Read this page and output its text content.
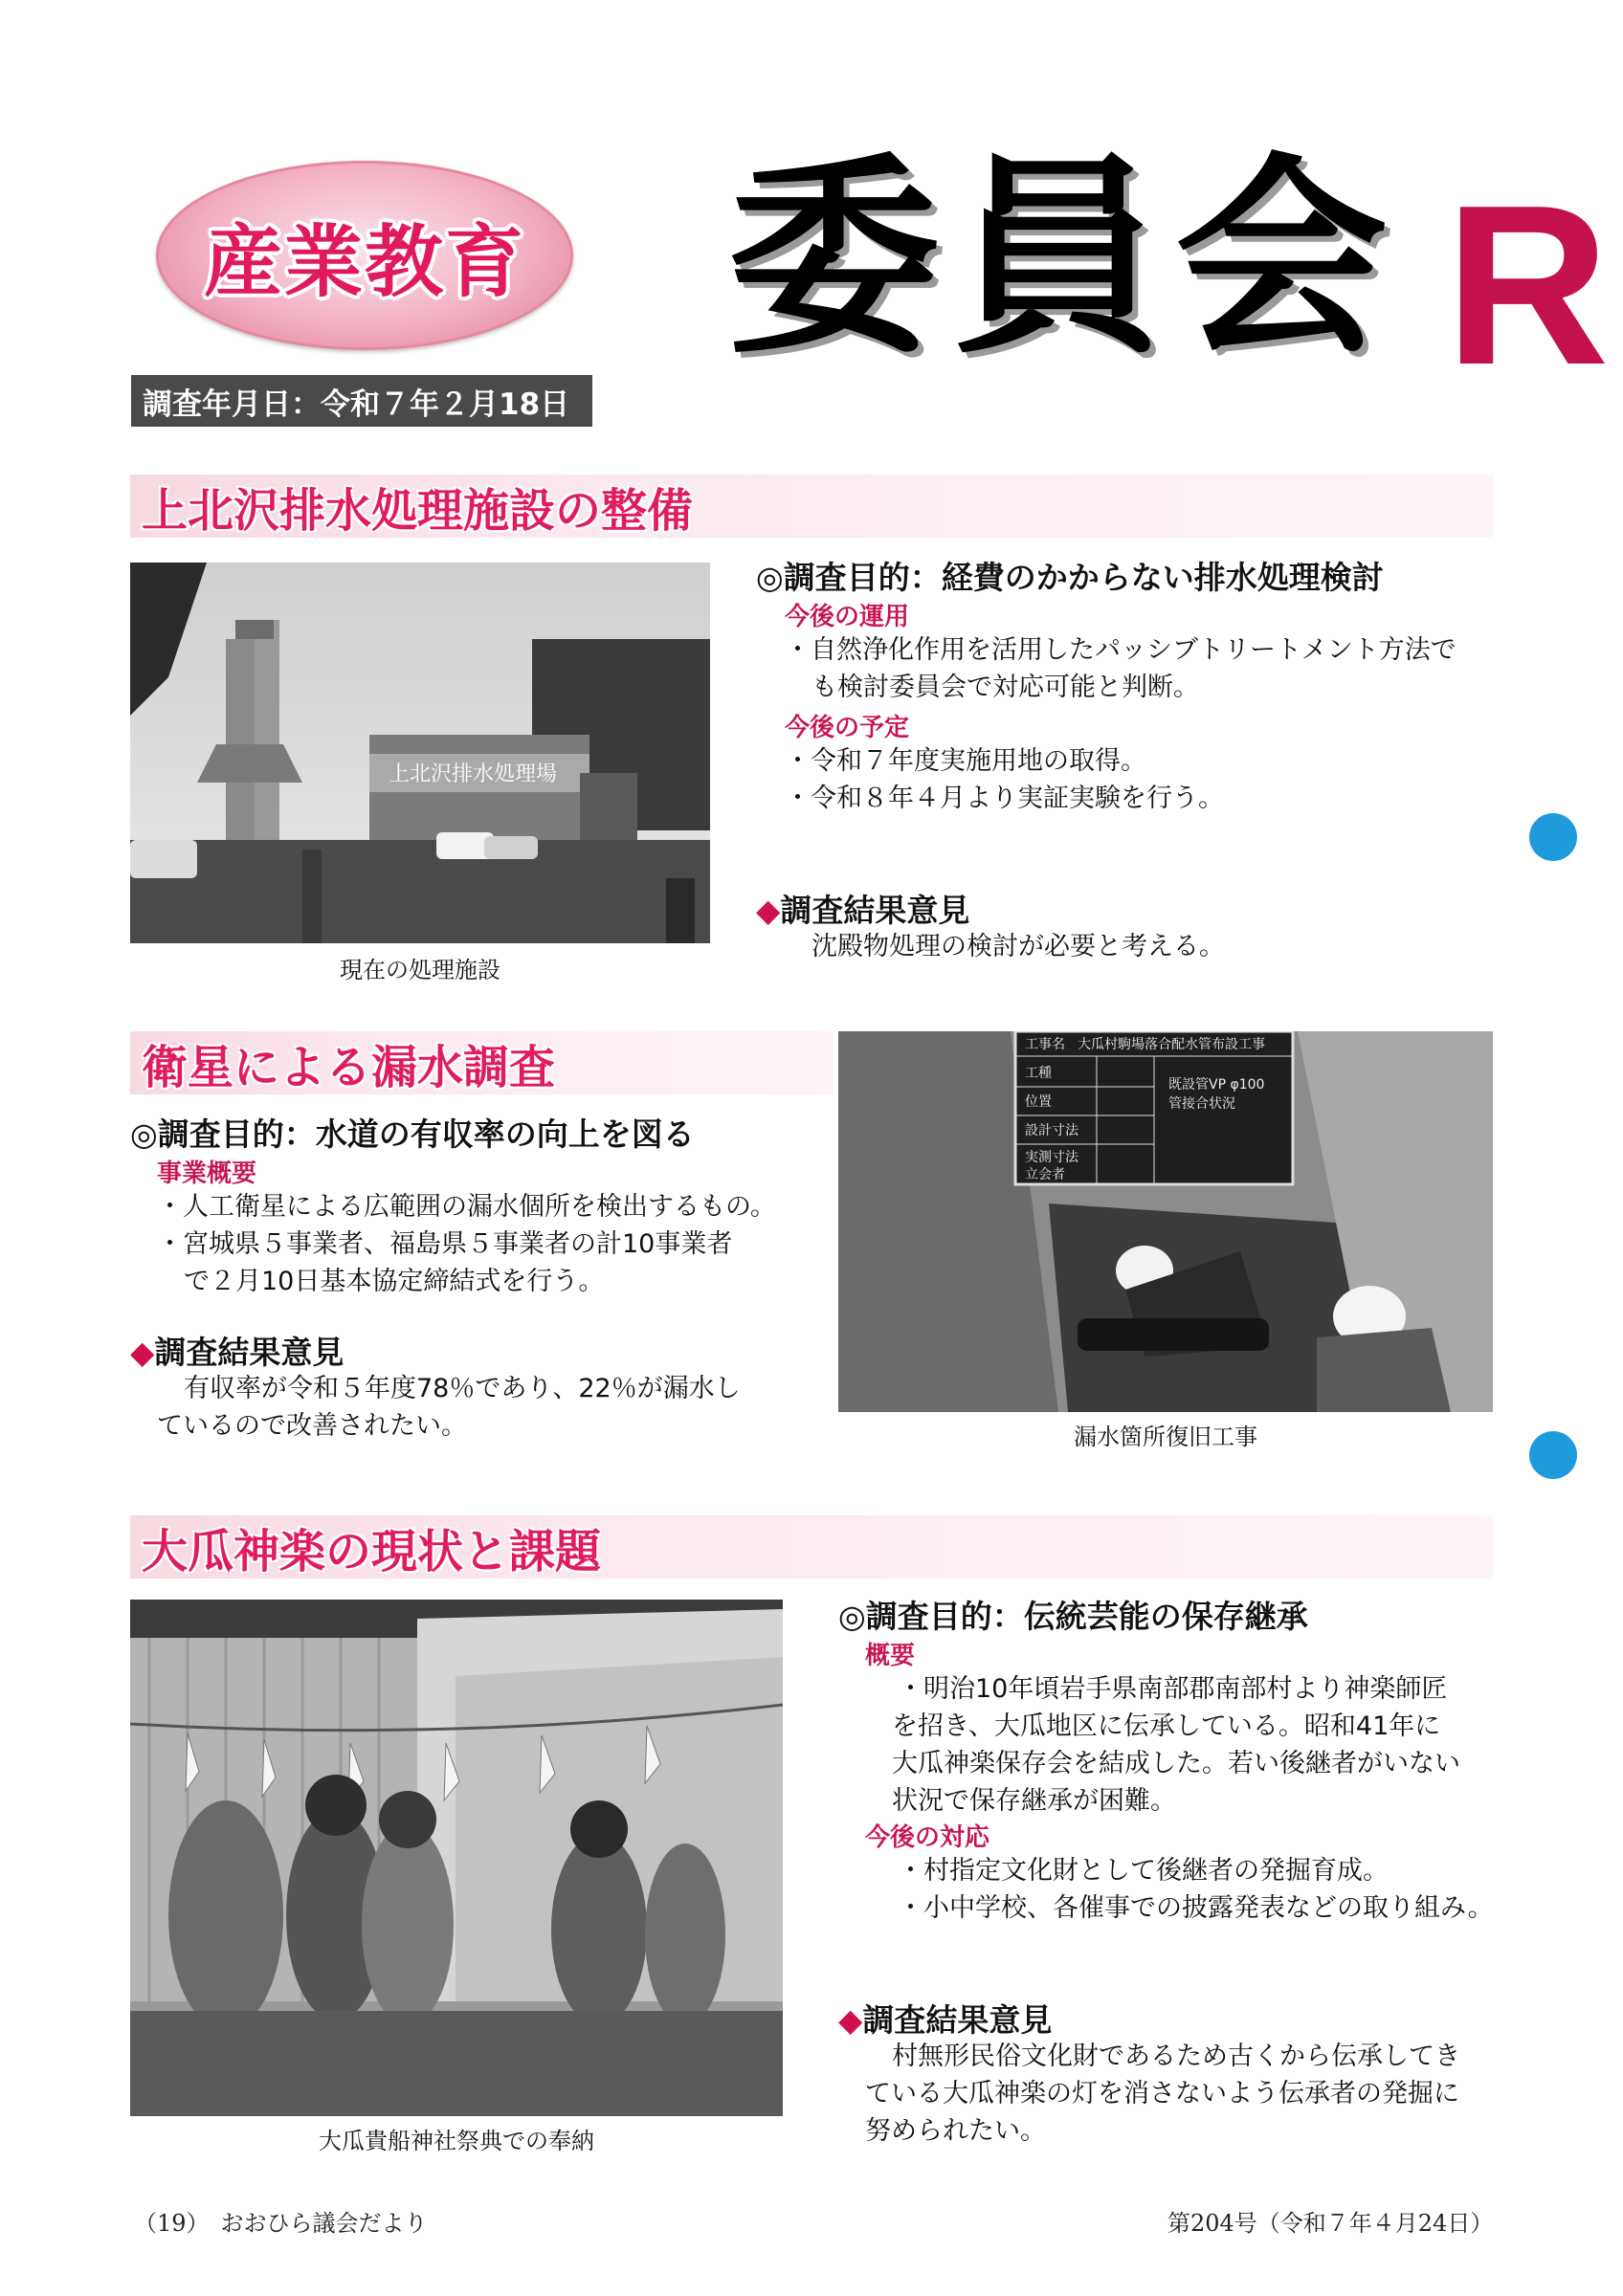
産業教育 委員会 R
調査年月日：令和７年２月18日
上北沢排水処理施設の整備
上北沢排水処理場
現在の処理施設
◎調査目的：経費のかからない排水処理検討
今後の運用
・自然浄化作用を活用したパッシブトリートメント方法で
も検討委員会で対応可能と判断。
今後の予定
・令和７年度実施用地の取得。
・令和８年４月より実証実験を行う。
◆調査結果意見
沈殿物処理の検討が必要と考える。
衛星による漏水調査
◎調査目的：水道の有収率の向上を図る
事業概要
・人工衛星による広範囲の漏水個所を検出するもの。
・宮城県５事業者、福島県５事業者の計10事業者
で２月10日基本協定締結式を行う。
◆調査結果意見
有収率が令和５年度78％であり、22％が漏水し
ているので改善されたい。
工事名 大瓜村駒場落合配水管布設工事
工種
位置
設計寸法
実測寸法
立会者
既設管VP φ100
管接合状況
漏水箇所復旧工事
大瓜神楽の現状と課題
大瓜貴船神社祭典での奉納
◎調査目的：伝統芸能の保存継承
概要
・明治10年頃岩手県南部郡南部村より神楽師匠
を招き、大瓜地区に伝承している。昭和41年に
大瓜神楽保存会を結成した。若い後継者がいない
状況で保存継承が困難。
今後の対応
・村指定文化財として後継者の発掘育成。
・小中学校、各催事での披露発表などの取り組み。
◆調査結果意見
村無形民俗文化財であるため古くから伝承してき
ている大瓜神楽の灯を消さないよう伝承者の発掘に
努められたい。
（19）　おおひら議会だより	第204号（令和７年４月24日）
